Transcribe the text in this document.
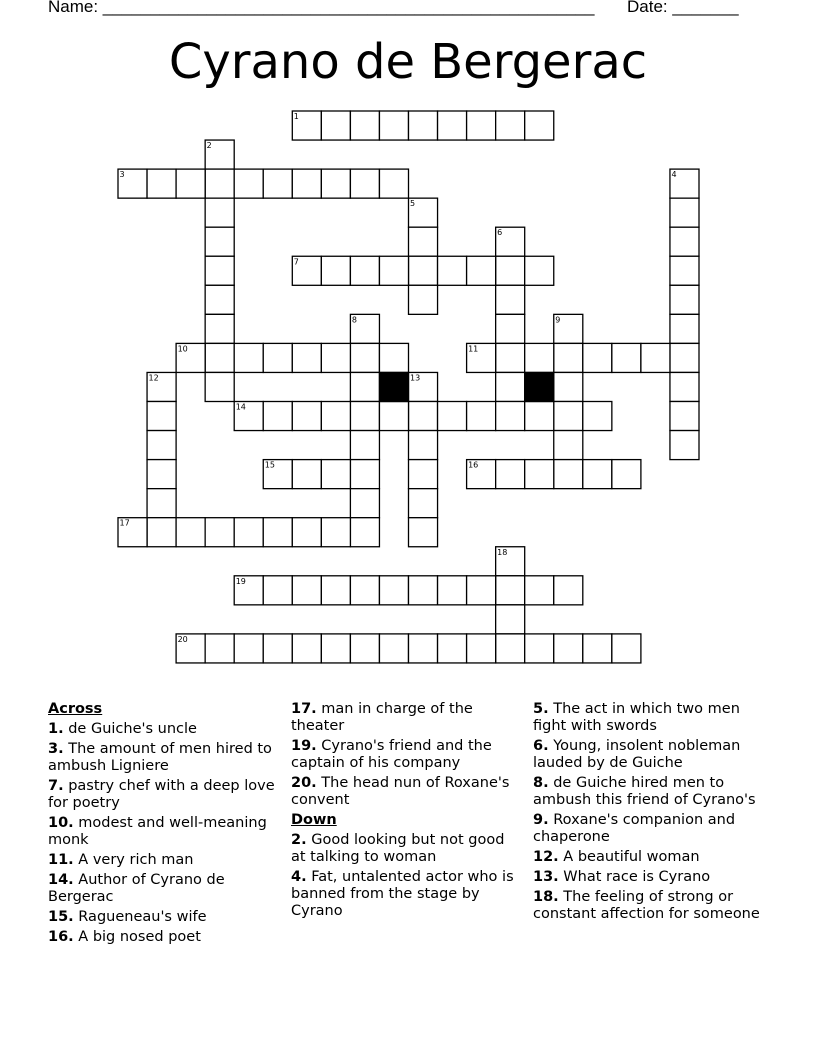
Name: ____________________________________________________ Date: _______
Cyrano de Bergerac
1
2
3	4
5
6
7
8	9
10	11
12	13
14
15	16
17
18
19
20
Across
1. de Guiche's uncle
3. The amount of men hired to ambush Ligniere
7. pastry chef with a deep love for poetry
10. modest and well-meaning monk
11. A very rich man
14. Author of Cyrano de Bergerac
15. Ragueneau's wife
16. A big nosed poet
17. man in charge of the theater
19. Cyrano's friend and the captain of his company
20. The head nun of Roxane's convent
Down
2. Good looking but not good at talking to woman
4. Fat, untalented actor who is banned from the stage by Cyrano
5. The act in which two men fight with swords
6. Young, insolent nobleman lauded by de Guiche
8. de Guiche hired men to ambush this friend of Cyrano's
9. Roxane's companion and chaperone
12. A beautiful woman
13. What race is Cyrano
18. The feeling of strong or constant affection for someone
